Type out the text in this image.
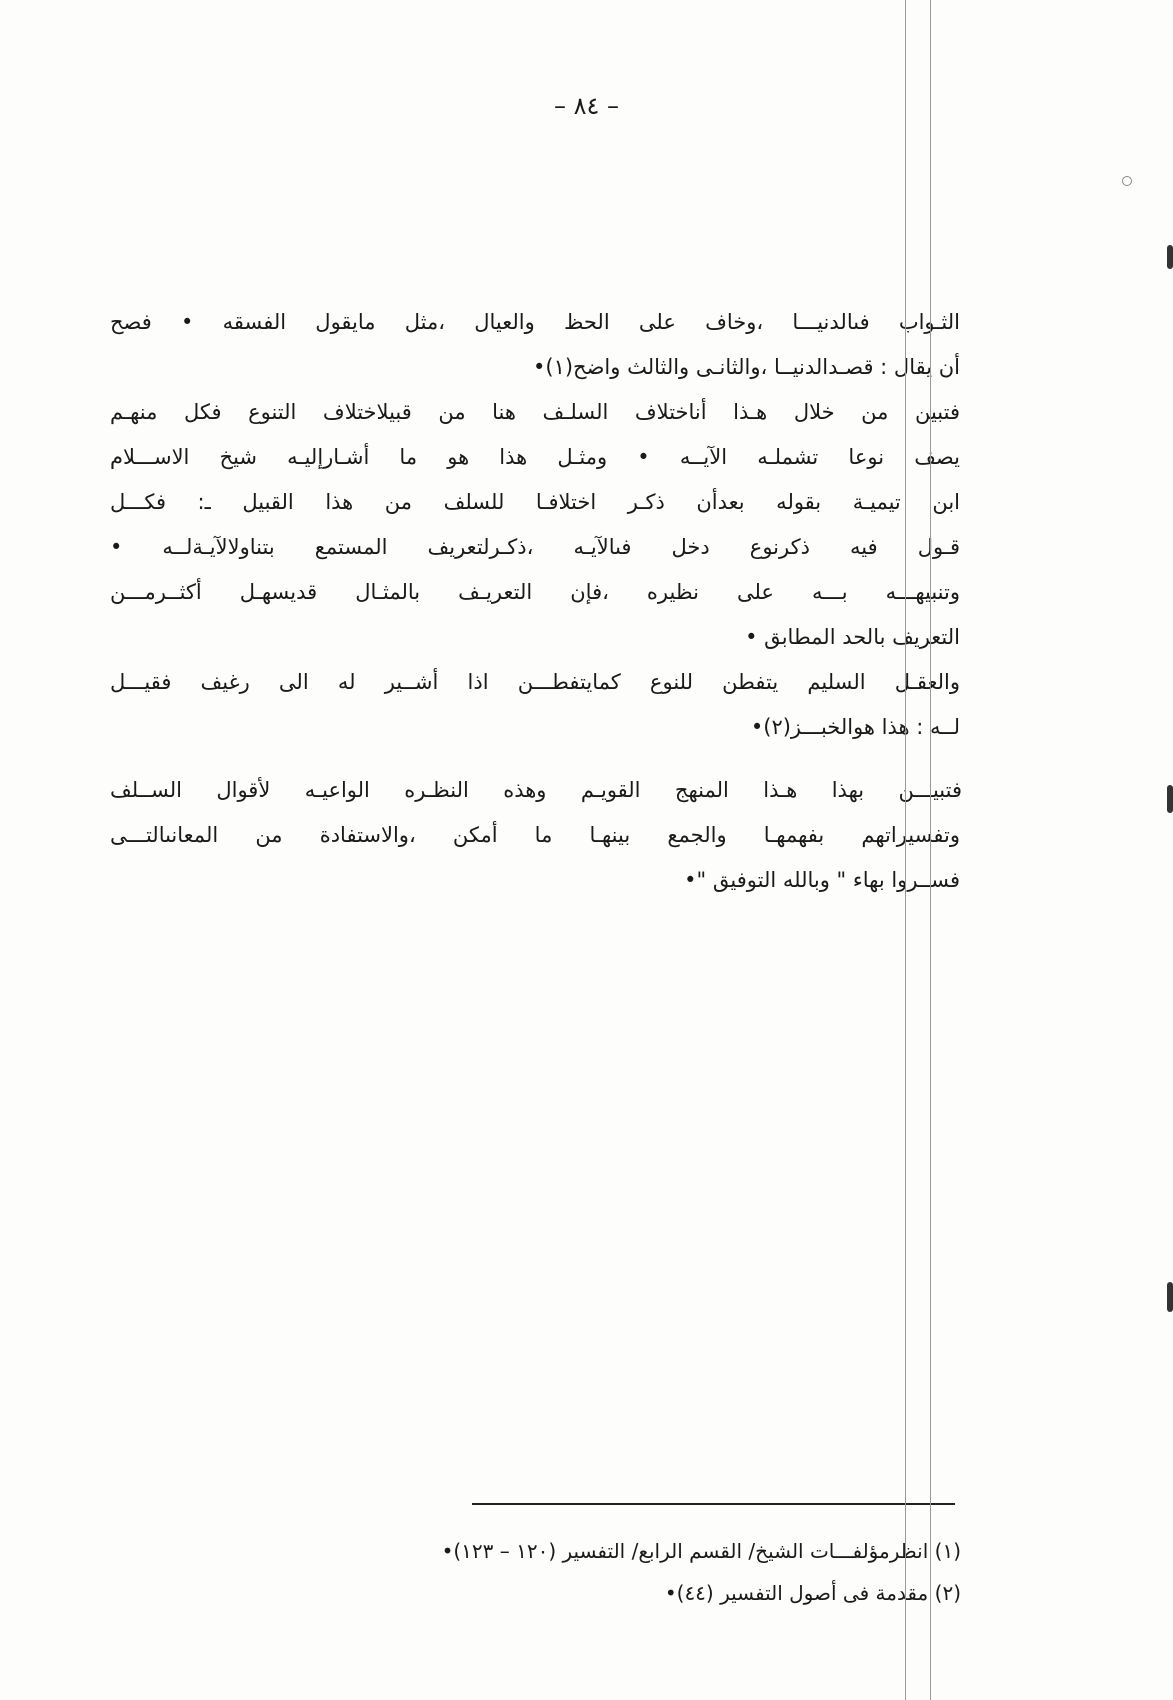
– ٨٤ –
الثـواب فىالدنيـــا ،وخاف على الحظ والعيال ،مثل مايقول الفسقه • فصح
أن يقال : قصـدالدنيــا ،والثانـى والثالث واضح(١)•
فتبين من خلال هـذا أناختلاف السلـف هنا من قبيلاختلاف التنوع فكل منهـم
يصف نوعا تشملـه الآيــه • ومثـل هذا هو ما أشـارإليـه شيخ الاســـلام
ابن تيميـة بقوله بعدأن ذكـر اختلافـا للسلف من هذا القبيل ـ: فكـــل
قـول فيه ذكرنوع دخل فىالآيـه ،ذكـرلتعريف المستمع بتناولالآيـةلــه •
وتنبيهـــه بـــه على نظيره ،فإن التعريـف بالمثـال قديسهـل أكثــرمـــن
التعريف بالحد المطابق •
والعقـل السليم يتفطن للنوع كمايتفطـــن اذا أشــير له الى رغيف فقيـــل
لــه : هذا هوالخبـــز(٢)•
فتبيـــن بهذا هـذا المنهج القويـم وهذه النظـره الواعيـه لأقوال الســلف
وتفسيراتهم بفهمهـا والجمع بينهـا ما أمكن ،والاستفادة من المعانىالتـــى
فســروا بهاء " وبالله التوفيق "•
(١) انظرمؤلفـــات الشيخ/ القسم الرابع/ التفسير (١٢٠ – ١٢٣)•
(٢) مقدمة فى أصول التفسير (٤٤)•
